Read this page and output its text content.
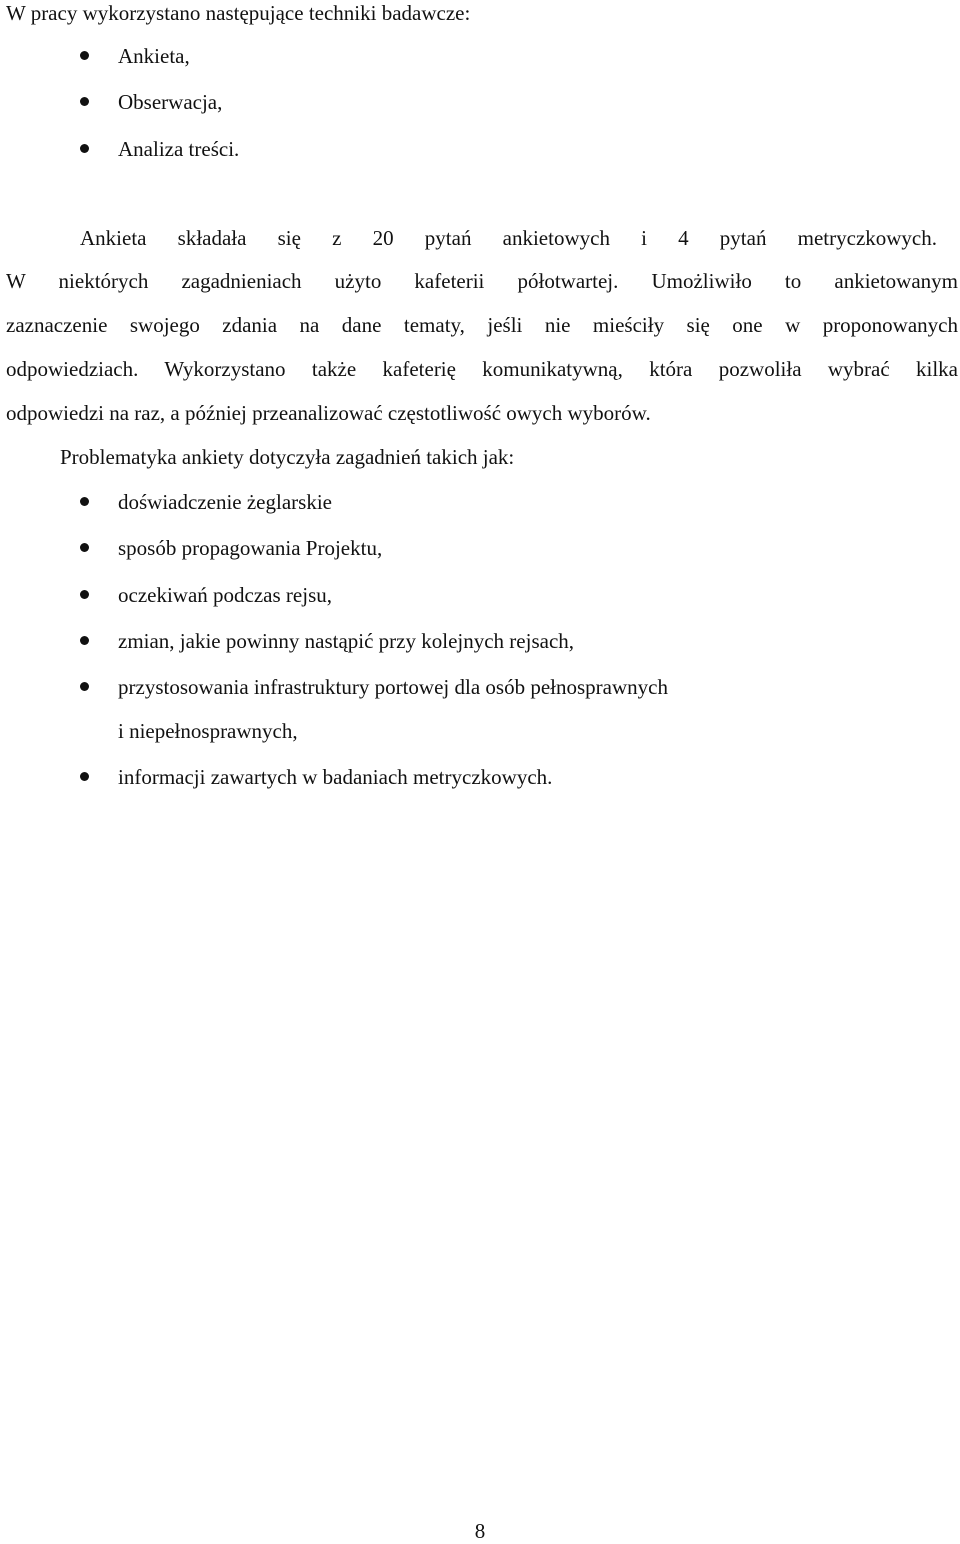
W pracy wykorzystano następujące techniki badawcze:
Ankieta,
Obserwacja,
Analiza treści.
Ankieta składała się z 20 pytań ankietowych i 4 pytań metryczkowych.
W niektórych zagadnieniach użyto kafeterii półotwartej. Umożliwiło to ankietowanym
zaznaczenie swojego zdania na dane tematy, jeśli nie mieściły się one w proponowanych
odpowiedziach. Wykorzystano także kafeterię komunikatywną, która pozwoliła wybrać kilka
odpowiedzi na raz, a później przeanalizować częstotliwość owych wyborów.
Problematyka ankiety dotyczyła zagadnień takich jak:
doświadczenie żeglarskie
sposób propagowania Projektu,
oczekiwań podczas rejsu,
zmian, jakie powinny nastąpić przy kolejnych rejsach,
przystosowania infrastruktury portowej dla osób pełnosprawnych
i niepełnosprawnych,
informacji zawartych w badaniach metryczkowych.
8
